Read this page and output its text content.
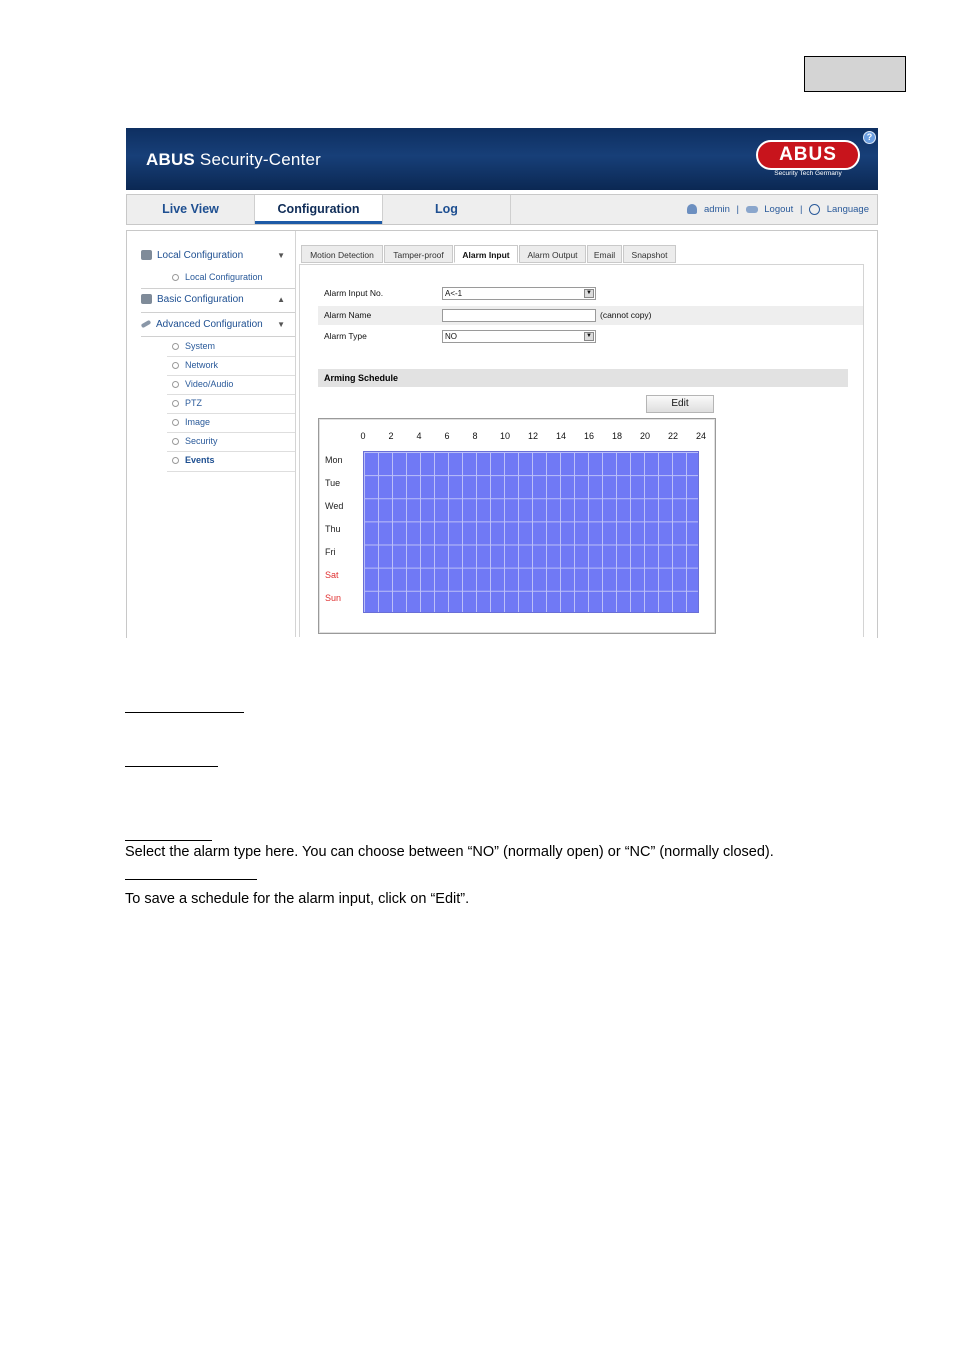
ABUS Security-Center	ABUS
Security Tech Germany
?
Live View	Configuration	Log	admin |	Logout |	Language
Local Configuration	▼
Local Configuration
Basic Configuration	▲
Advanced Configuration ▼
System
Network
Video/Audio
PTZ
Image
Security
Events
Motion Detection	Tamper-proof	Alarm Input	Alarm Output	Email	Snapshot
Alarm Input No.	A<-1	▼
Alarm Name	(cannot copy)
Alarm Type	NO	▼
Arming Schedule
Edit
0	2	4	6	8	10	12	14	16	18	20	22	24
Mon
Tue
Wed
Thu
Fri
Sat
Sun
Select the alarm type here. You can choose between “NO” (normally open) or “NC” (normally closed).
To save a schedule for the alarm input, click on “Edit”.
